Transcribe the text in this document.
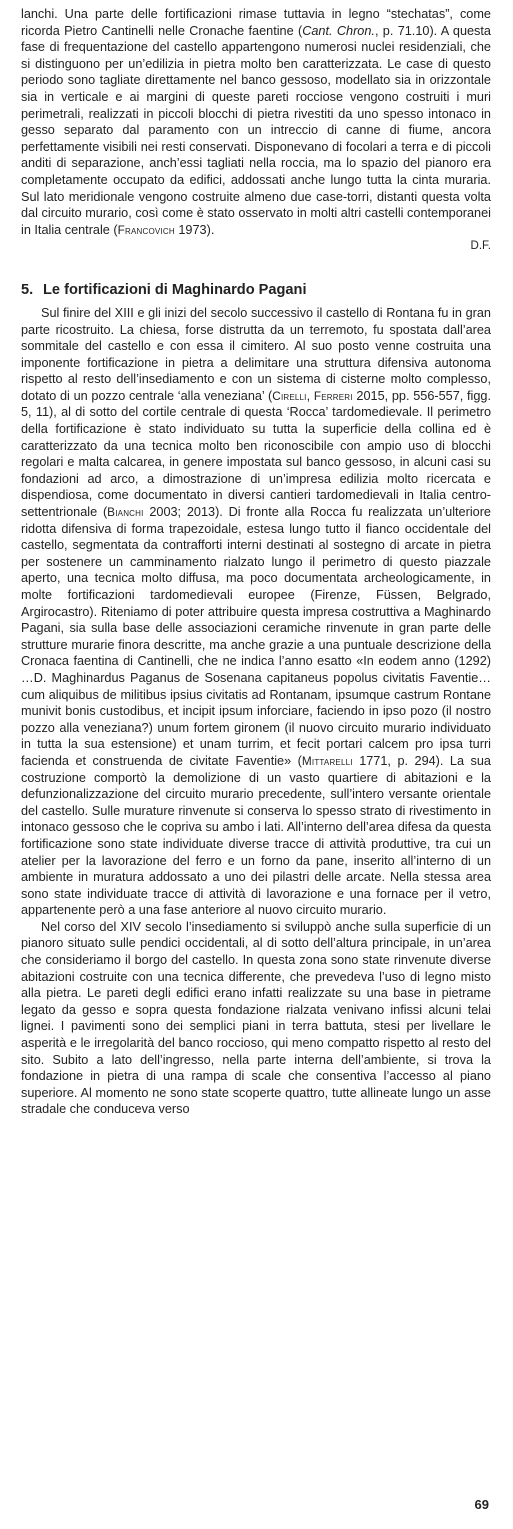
lanchi. Una parte delle fortificazioni rimase tuttavia in legno “stechatas”, come ricorda Pietro Cantinelli nelle Cronache faentine (Cant. Chron., p. 71.10). A questa fase di frequentazione del castello appartengono numerosi nuclei residenziali, che si distinguono per un’edilizia in pietra molto ben caratterizzata. Le case di questo periodo sono tagliate direttamente nel banco gessoso, modellato sia in orizzontale sia in verticale e ai margini di queste pareti rocciose vengono costruiti i muri perimetrali, realizzati in piccoli blocchi di pietra rivestiti da uno spesso intonaco in gesso separato dal paramento con un intreccio di canne di fiume, ancora perfettamente visibili nei resti conservati. Disponevano di focolari a terra e di piccoli anditi di separazione, anch’essi tagliati nella roccia, ma lo spazio del pianoro era completamente occupato da edifici, addossati anche lungo tutta la cinta muraria. Sul lato meridionale vengono costruite almeno due case-torri, distanti questa volta dal circuito murario, così come è stato osservato in molti altri castelli contemporanei in Italia centrale (Francovich 1973).

D.F.

5. Le fortificazioni di Maghinardo Pagani

Sul finire del XIII e gli inizi del secolo successivo il castello di Rontana fu in gran parte ricostruito. La chiesa, forse distrutta da un terremoto, fu spostata dall’area sommitale del castello e con essa il cimitero. Al suo posto venne costruita una imponente fortificazione in pietra a delimitare una struttura difensiva autonoma rispetto al resto dell’insediamento e con un sistema di cisterne molto complesso, dotato di un pozzo centrale ‘alla veneziana’ (Cirelli, Ferreri 2015, pp. 556-557, figg. 5, 11), al di sotto del cortile centrale di questa ‘Rocca’ tardomedievale. Il perimetro della fortificazione è stato individuato su tutta la superficie della collina ed è caratterizzato da una tecnica molto ben riconoscibile con ampio uso di blocchi regolari e malta calcarea, in genere impostata sul banco gessoso, in alcuni casi su fondazioni ad arco, a dimostrazione di un’impresa edilizia molto ricercata e dispendiosa, come documentato in diversi cantieri tardomedievali in Italia centro-settentrionale (Bianchi 2003; 2013). Di fronte alla Rocca fu realizzata un’ulteriore ridotta difensiva di forma trapezoidale, estesa lungo tutto il fianco occidentale del castello, segmentata da contrafforti interni destinati al sostegno di arcate in pietra per sostenere un camminamento rialzato lungo il perimetro di questo piazzale aperto, una tecnica molto diffusa, ma poco documentata archeologicamente, in molte fortificazioni tardomedievali europee (Firenze, Füssen, Belgrado, Argirocastro). Riteniamo di poter attribuire questa impresa costruttiva a Maghinardo Pagani, sia sulla base delle associazioni ceramiche rinvenute in gran parte delle strutture murarie finora descritte, ma anche grazie a una puntuale descrizione della Cronaca faentina di Cantinelli, che ne indica l’anno esatto «In eodem anno (1292) …D. Maghinardus Paganus de Sosenana capitaneus popolus civitatis Faventie…cum aliquibus de militibus ipsius civitatis ad Rontanam, ipsumque castrum Rontane munivit bonis custodibus, et incipit ipsum inforciare, faciendo in ipso pozo (il nostro pozzo alla veneziana?) unum fortem gironem (il nuovo circuito murario individuato in tutta la sua estensione) et unam turrim, et fecit portari calcem pro ipsa turri facienda et construenda de civitate Faventie» (Mittarelli 1771, p. 294). La sua costruzione comportò la demolizione di un vasto quartiere di abitazioni e la defunzionalizzazione del circuito murario precedente, sull’intero versante orientale del castello. Sulle murature rinvenute si conserva lo spesso strato di rivestimento in intonaco gessoso che le copriva su ambo i lati. All’interno dell’area difesa da questa fortificazione sono state individuate diverse tracce di attività produttive, tra cui un atelier per la lavorazione del ferro e un forno da pane, inserito all’interno di un ambiente in muratura addossato a uno dei pilastri delle arcate. Nella stessa area sono state individuate tracce di attività di lavorazione e una fornace per il vetro, appartenente però a una fase anteriore al nuovo circuito murario.

Nel corso del XIV secolo l’insediamento si sviluppò anche sulla superficie di un pianoro situato sulle pendici occidentali, al di sotto dell’altura principale, in un’area che consideriamo il borgo del castello. In questa zona sono state rinvenute diverse abitazioni costruite con una tecnica differente, che prevedeva l’uso di legno misto alla pietra. Le pareti degli edifici erano infatti realizzate su una base in pietrame legato da gesso e sopra questa fondazione rialzata venivano infissi alcuni telai lignei. I pavimenti sono dei semplici piani in terra battuta, stesi per livellare le asperità e le irregolarità del banco roccioso, qui meno compatto rispetto al resto del sito. Subito a lato dell’ingresso, nella parte interna dell’ambiente, si trova la fondazione in pietra di una rampa di scale che consentiva l’accesso al piano superiore. Al momento ne sono state scoperte quattro, tutte allineate lungo un asse stradale che conduceva verso

69
